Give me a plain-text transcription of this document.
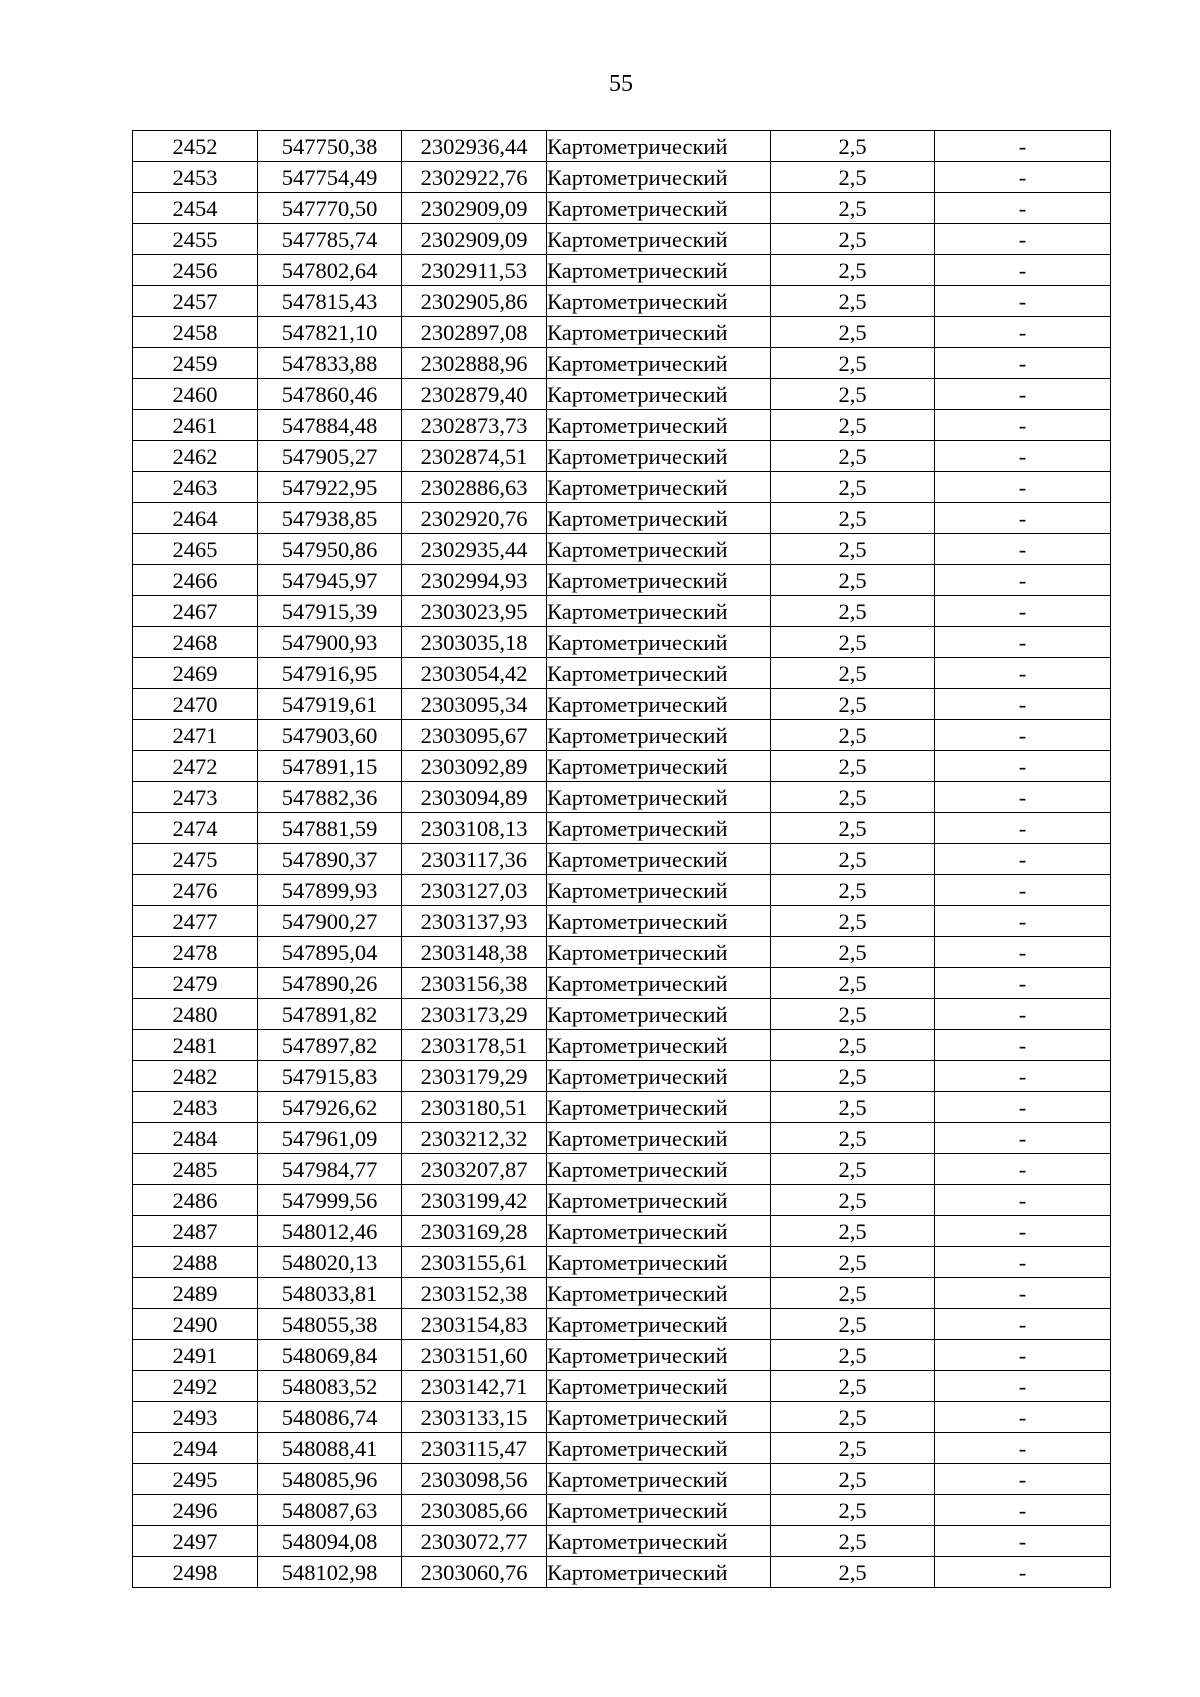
55
2452	547750,38	2302936,44	Картометрический	2,5	-
2453	547754,49	2302922,76	Картометрический	2,5	-
2454	547770,50	2302909,09	Картометрический	2,5	-
2455	547785,74	2302909,09	Картометрический	2,5	-
2456	547802,64	2302911,53	Картометрический	2,5	-
2457	547815,43	2302905,86	Картометрический	2,5	-
2458	547821,10	2302897,08	Картометрический	2,5	-
2459	547833,88	2302888,96	Картометрический	2,5	-
2460	547860,46	2302879,40	Картометрический	2,5	-
2461	547884,48	2302873,73	Картометрический	2,5	-
2462	547905,27	2302874,51	Картометрический	2,5	-
2463	547922,95	2302886,63	Картометрический	2,5	-
2464	547938,85	2302920,76	Картометрический	2,5	-
2465	547950,86	2302935,44	Картометрический	2,5	-
2466	547945,97	2302994,93	Картометрический	2,5	-
2467	547915,39	2303023,95	Картометрический	2,5	-
2468	547900,93	2303035,18	Картометрический	2,5	-
2469	547916,95	2303054,42	Картометрический	2,5	-
2470	547919,61	2303095,34	Картометрический	2,5	-
2471	547903,60	2303095,67	Картометрический	2,5	-
2472	547891,15	2303092,89	Картометрический	2,5	-
2473	547882,36	2303094,89	Картометрический	2,5	-
2474	547881,59	2303108,13	Картометрический	2,5	-
2475	547890,37	2303117,36	Картометрический	2,5	-
2476	547899,93	2303127,03	Картометрический	2,5	-
2477	547900,27	2303137,93	Картометрический	2,5	-
2478	547895,04	2303148,38	Картометрический	2,5	-
2479	547890,26	2303156,38	Картометрический	2,5	-
2480	547891,82	2303173,29	Картометрический	2,5	-
2481	547897,82	2303178,51	Картометрический	2,5	-
2482	547915,83	2303179,29	Картометрический	2,5	-
2483	547926,62	2303180,51	Картометрический	2,5	-
2484	547961,09	2303212,32	Картометрический	2,5	-
2485	547984,77	2303207,87	Картометрический	2,5	-
2486	547999,56	2303199,42	Картометрический	2,5	-
2487	548012,46	2303169,28	Картометрический	2,5	-
2488	548020,13	2303155,61	Картометрический	2,5	-
2489	548033,81	2303152,38	Картометрический	2,5	-
2490	548055,38	2303154,83	Картометрический	2,5	-
2491	548069,84	2303151,60	Картометрический	2,5	-
2492	548083,52	2303142,71	Картометрический	2,5	-
2493	548086,74	2303133,15	Картометрический	2,5	-
2494	548088,41	2303115,47	Картометрический	2,5	-
2495	548085,96	2303098,56	Картометрический	2,5	-
2496	548087,63	2303085,66	Картометрический	2,5	-
2497	548094,08	2303072,77	Картометрический	2,5	-
2498	548102,98	2303060,76	Картометрический	2,5	-
